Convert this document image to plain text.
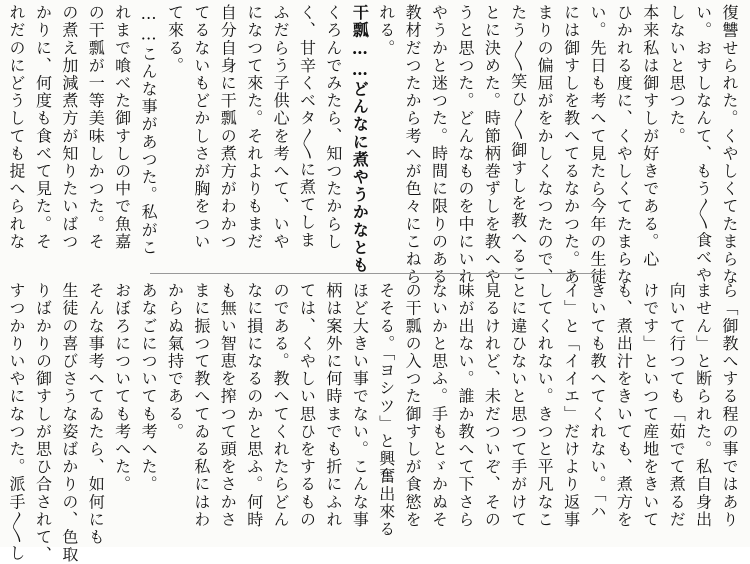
復讐せられた。くやしくてたまらな
い。おすしなんて、もう〳〵食べや
しないと思つた。
本来私は御すしが好きである。心
ひかれる度に、くやしくてたまらな
い。先日も考へて見たら今年の生徒
には御すしを教へてるなかつた。あ
まりの偏屈がをかしくなつたので、
たう〳〵笑ひ〳〵御すしを教へるこ
とに決めた。時節柄巻ずしを教へや
うと思つた。どんなものを中にいれ
やうかと迷つた。時間に限りのある
教材だつたから考へが色々にこねら
れる。
干瓢……どんなに煮やうかなとも
くろんでみたら、知つたからし
く、甘辛くベタ〳〵に煮てしま
ふだらう子供心を考へて、いや
になつて來た。それよりもまだ
自分自身に干瓢の煮方がわかつ
てるないもどかしさが胸をつい
て來る。
……こんな事があつた。私がこ
れまで喰べた御すしの中で魚嘉
の干瓢が一等美味しかつた。そ
の煮え加減煮方が知りたいばつ
かりに、何度も食べて見た。そ
れだのにどうしても捉へられな
ら「御教へする程の事ではあり
ません」と断られた。私自身出
向いて行つても「茹でて煮るだ
けです」といつて産地をきいて
も、煮出汁をきいても、煮方を
きいても教へてくれない。「ハ
イ」と「イイエ」だけより返事
してくれない。きつと平凡なこ
とに違ひないと思つて手がけて
見るけれど、未だついぞ、その
味が出ない。誰か教へて下さら
ないかと思ふ。手もとゞかぬそ
の干瓢の入つた御すしが食慾を
そそる。「ヨシツ」と興奮出來る
ほど大きい事でない。こんな事
柄は案外に何時までも折にふれ
ては、くやしい思ひをするもの
のである。教へてくれたらどん
なに損になるのかと思ふ。何時
も無い智恵を搾つて頭をさかさ
まに振つて教へてゐる私にはわ
からぬ氣持である。
あなごについても考へた。
おぼろについても考へた。
そんな事考へてゐたら、如何にも
生徒の喜びさうな姿ばかりの、色取
りばかりの御すしが思ひ合されて、
すつかりいやになつた。派手〳〵し
